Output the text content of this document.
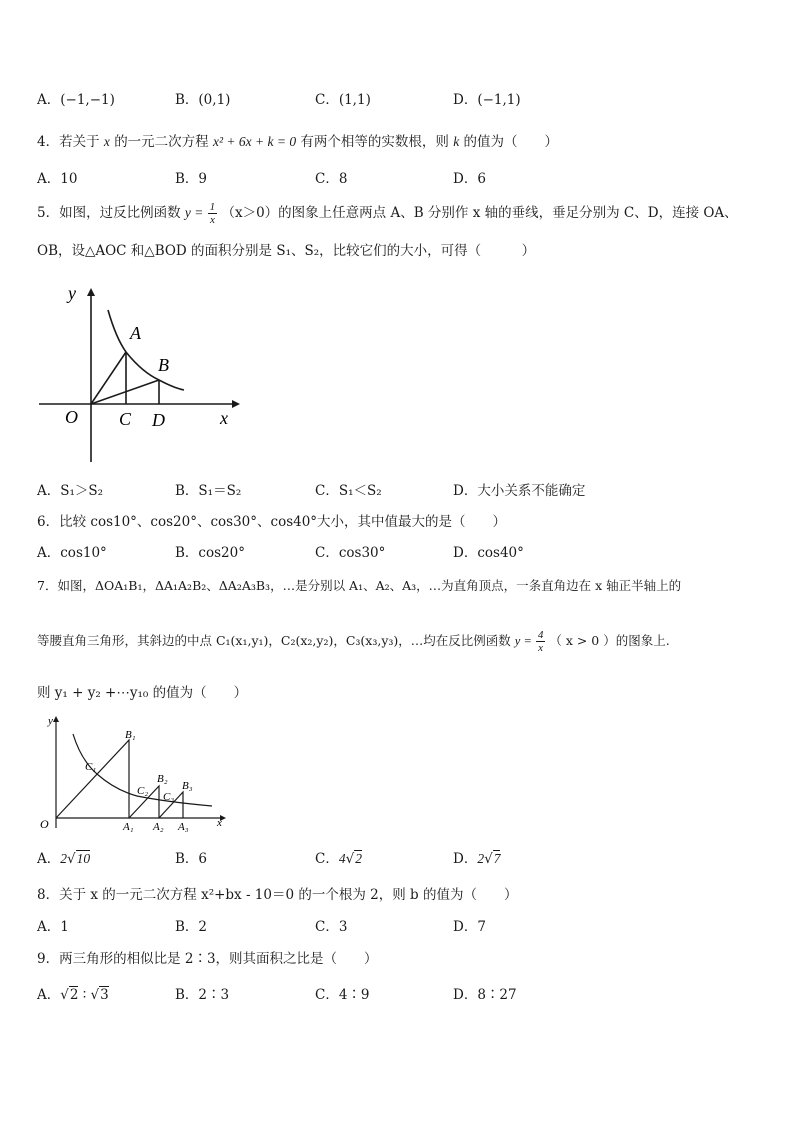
A．(−1,−1)	B．(0,1)	C．(1,1)	D．(−1,1)
4．若关于 x 的一元二次方程 x² + 6x + k = 0 有两个相等的实数根，则 k 的值为（　　）
A．10	B．9	C．8	D．6
5．如图，过反比例函数 $y = \frac{1}{x} (x>0)$的图象上任意两点 A、B 分别作 x 轴的垂线，垂足分别为 C、D，连接 OA、
OB，设△AOC 和△BOD 的面积分别是 S₁、S₂，比较它们的大小，可得（　　　）
y
x
O
A
B
C D
A．S₁＞S₂	B．S₁＝S₂	C．S₁＜S₂	D．大小关系不能确定
6．比较 cos10°、cos20°、cos30°、cos40°大小，其中值最大的是（　　）
A．cos10°	B．cos20°	C．cos30°	D．cos40°
7．如图，ΔOA₁B₁，ΔA₁A₂B₂、ΔA₂A₃B₃，…是分别以 A₁、A₂、A₃，…为直角顶点，一条直角边在 x 轴正半轴上的
等腰直角三角形，其斜边的中点 C₁(x₁,y₁)，C₂(x₂,y₂)，C₃(x₃,y₃)，…均在反比例函数 $y = \frac{4}{x}$ （ x > 0 ）的图象上.
则 y₁ + y₂ +⋯y₁₀ 的值为（　　）
y
x
O
B₁
B₂
B₃
C₁
C₂ C₃
A₁ A₂ A₃
A．2√10	B．6	C．4√2	D．2√7
8．关于 x 的一元二次方程 x²+bx - 10＝0 的一个根为 2，则 b 的值为（　　）
A．1	B．2	C．3	D．7
9．两三角形的相似比是 2∶3，则其面积之比是（　　）
A．√2 ∶ √3	B．2∶3	C．4∶9	D．8∶27
